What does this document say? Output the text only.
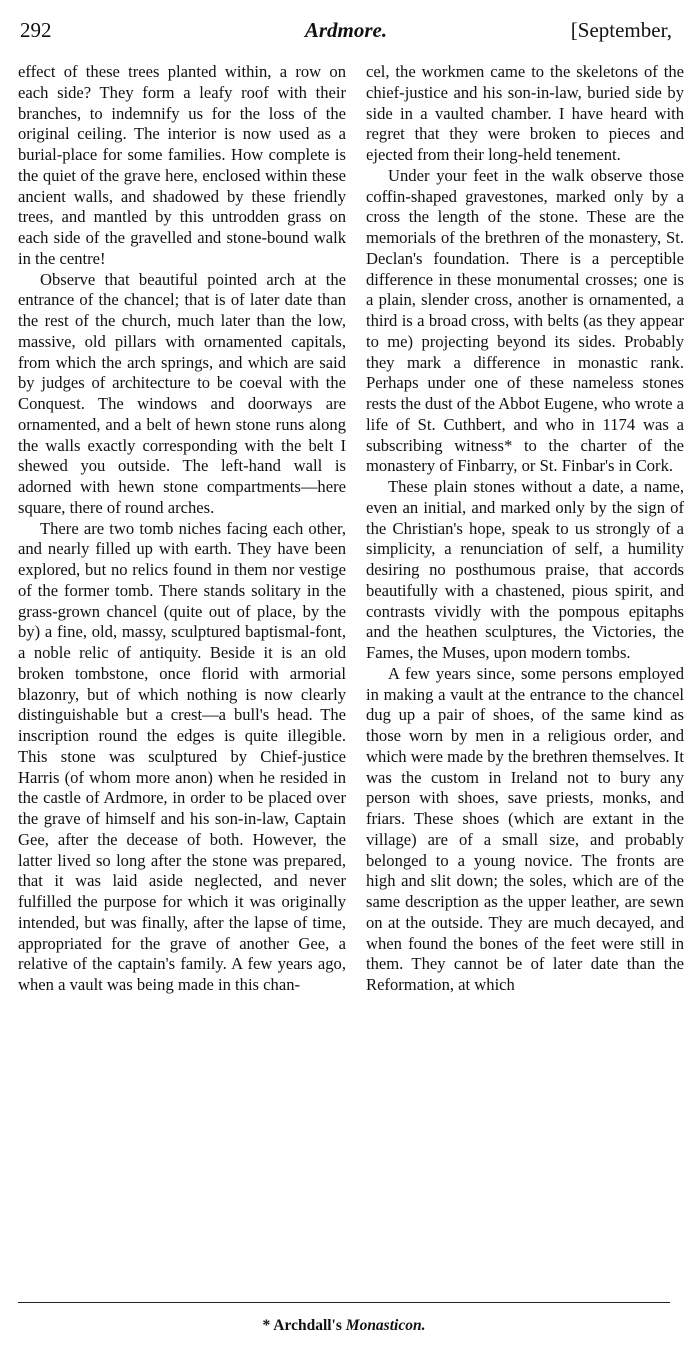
292	Ardmore.	[September,

effect of these trees planted within, a row on each side? They form a leafy roof with their branches, to indemnify us for the loss of the original ceiling. The interior is now used as a burial-place for some families. How complete is the quiet of the grave here, enclosed within these ancient walls, and shadowed by these friendly trees, and mantled by this untrodden grass on each side of the gravelled and stone-bound walk in the centre!

Observe that beautiful pointed arch at the entrance of the chancel; that is of later date than the rest of the church, much later than the low, massive, old pillars with ornamented capitals, from which the arch springs, and which are said by judges of architecture to be coeval with the Conquest. The windows and doorways are ornamented, and a belt of hewn stone runs along the walls exactly corresponding with the belt I shewed you outside. The left-hand wall is adorned with hewn stone compartments—here square, there of round arches.

There are two tomb niches facing each other, and nearly filled up with earth. They have been explored, but no relics found in them nor vestige of the former tomb. There stands solitary in the grass-grown chancel (quite out of place, by the by) a fine, old, massy, sculptured baptismal-font, a noble relic of antiquity. Beside it is an old broken tombstone, once florid with armorial blazonry, but of which nothing is now clearly distinguishable but a crest—a bull's head. The inscription round the edges is quite illegible. This stone was sculptured by Chief-justice Harris (of whom more anon) when he resided in the castle of Ardmore, in order to be placed over the grave of himself and his son-in-law, Captain Gee, after the decease of both. However, the latter lived so long after the stone was prepared, that it was laid aside neglected, and never fulfilled the purpose for which it was originally intended, but was finally, after the lapse of time, appropriated for the grave of another Gee, a relative of the captain's family. A few years ago, when a vault was being made in this chan-

cel, the workmen came to the skeletons of the chief-justice and his son-in-law, buried side by side in a vaulted chamber. I have heard with regret that they were broken to pieces and ejected from their long-held tenement.

Under your feet in the walk observe those coffin-shaped gravestones, marked only by a cross the length of the stone. These are the memorials of the brethren of the monastery, St. Declan's foundation. There is a perceptible difference in these monumental crosses; one is a plain, slender cross, another is ornamented, a third is a broad cross, with belts (as they appear to me) projecting beyond its sides. Probably they mark a difference in monastic rank. Perhaps under one of these nameless stones rests the dust of the Abbot Eugene, who wrote a life of St. Cuthbert, and who in 1174 was a subscribing witness* to the charter of the monastery of Finbarry, or St. Finbar's in Cork.

These plain stones without a date, a name, even an initial, and marked only by the sign of the Christian's hope, speak to us strongly of a simplicity, a renunciation of self, a humility desiring no posthumous praise, that accords beautifully with a chastened, pious spirit, and contrasts vividly with the pompous epitaphs and the heathen sculptures, the Victories, the Fames, the Muses, upon modern tombs.

A few years since, some persons employed in making a vault at the entrance to the chancel dug up a pair of shoes, of the same kind as those worn by men in a religious order, and which were made by the brethren themselves. It was the custom in Ireland not to bury any person with shoes, save priests, monks, and friars. These shoes (which are extant in the village) are of a small size, and probably belonged to a young novice. The fronts are high and slit down; the soles, which are of the same description as the upper leather, are sewn on at the outside. They are much decayed, and when found the bones of the feet were still in them. They cannot be of later date than the Reformation, at which

* Archdall's Monasticon.
